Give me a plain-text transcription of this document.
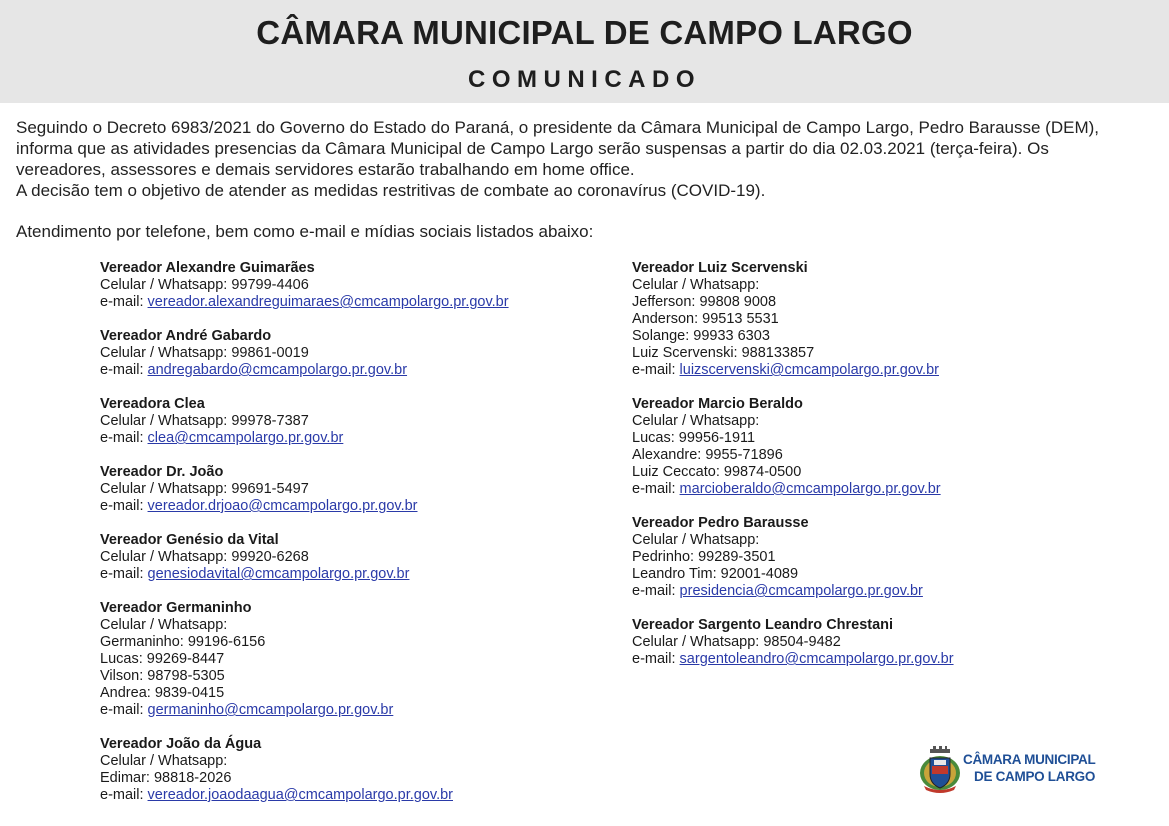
CÂMARA MUNICIPAL DE CAMPO LARGO
COMUNICADO

Seguindo o Decreto 6983/2021 do Governo do Estado do Paraná, o presidente da Câmara Municipal de Campo Largo, Pedro Barausse (DEM), informa que as atividades presencias da Câmara Municipal de Campo Largo serão suspensas a partir do dia 02.03.2021 (terça-feira). Os vereadores, assessores e demais servidores estarão trabalhando em home office.

A decisão tem o objetivo de atender as medidas restritivas de combate ao coronavírus (COVID-19).

Atendimento por telefone, bem como e-mail e mídias sociais listados abaixo:
Vereador Alexandre Guimarães
Celular / Whatsapp: 99799-4406
e-mail: vereador.alexandreguimaraes@cmcampolargo.pr.gov.br
Vereador André Gabardo
Celular / Whatsapp: 99861-0019
e-mail: andregabardo@cmcampolargo.pr.gov.br
Vereadora Clea
Celular / Whatsapp: 99978-7387
e-mail: clea@cmcampolargo.pr.gov.br
Vereador Dr. João
Celular / Whatsapp: 99691-5497
e-mail: vereador.drjoao@cmcampolargo.pr.gov.br
Vereador Genésio da Vital
Celular / Whatsapp: 99920-6268
e-mail: genesiodavital@cmcampolargo.pr.gov.br
Vereador Germaninho
Celular / Whatsapp:
Germaninho: 99196-6156
Lucas: 99269-8447
Vilson: 98798-5305
Andrea: 9839-0415
e-mail: germaninho@cmcampolargo.pr.gov.br
Vereador João da Água
Celular / Whatsapp:
Edimar: 98818-2026
e-mail: vereador.joaodaagua@cmcampolargo.pr.gov.br
Vereador Luiz Scervenski
Celular / Whatsapp:
Jefferson: 99808 9008
Anderson: 99513 5531
Solange: 99933 6303
Luiz Scervenski: 988133857
e-mail: luizscervenski@cmcampolargo.pr.gov.br
Vereador Marcio Beraldo
Celular / Whatsapp:
Lucas: 99956-1911
Alexandre: 9955-71896
Luiz Ceccato: 99874-0500
e-mail: marcioberaldo@cmcampolargo.pr.gov.br
Vereador Pedro Barausse
Celular / Whatsapp:
Pedrinho: 99289-3501
Leandro Tim: 92001-4089
e-mail: presidencia@cmcampolargo.pr.gov.br
Vereador Sargento Leandro Chrestani
Celular / Whatsapp: 98504-9482
e-mail: sargentoleandro@cmcampolargo.pr.gov.br
CÂMARA MUNICIPAL
DE CAMPO LARGO
